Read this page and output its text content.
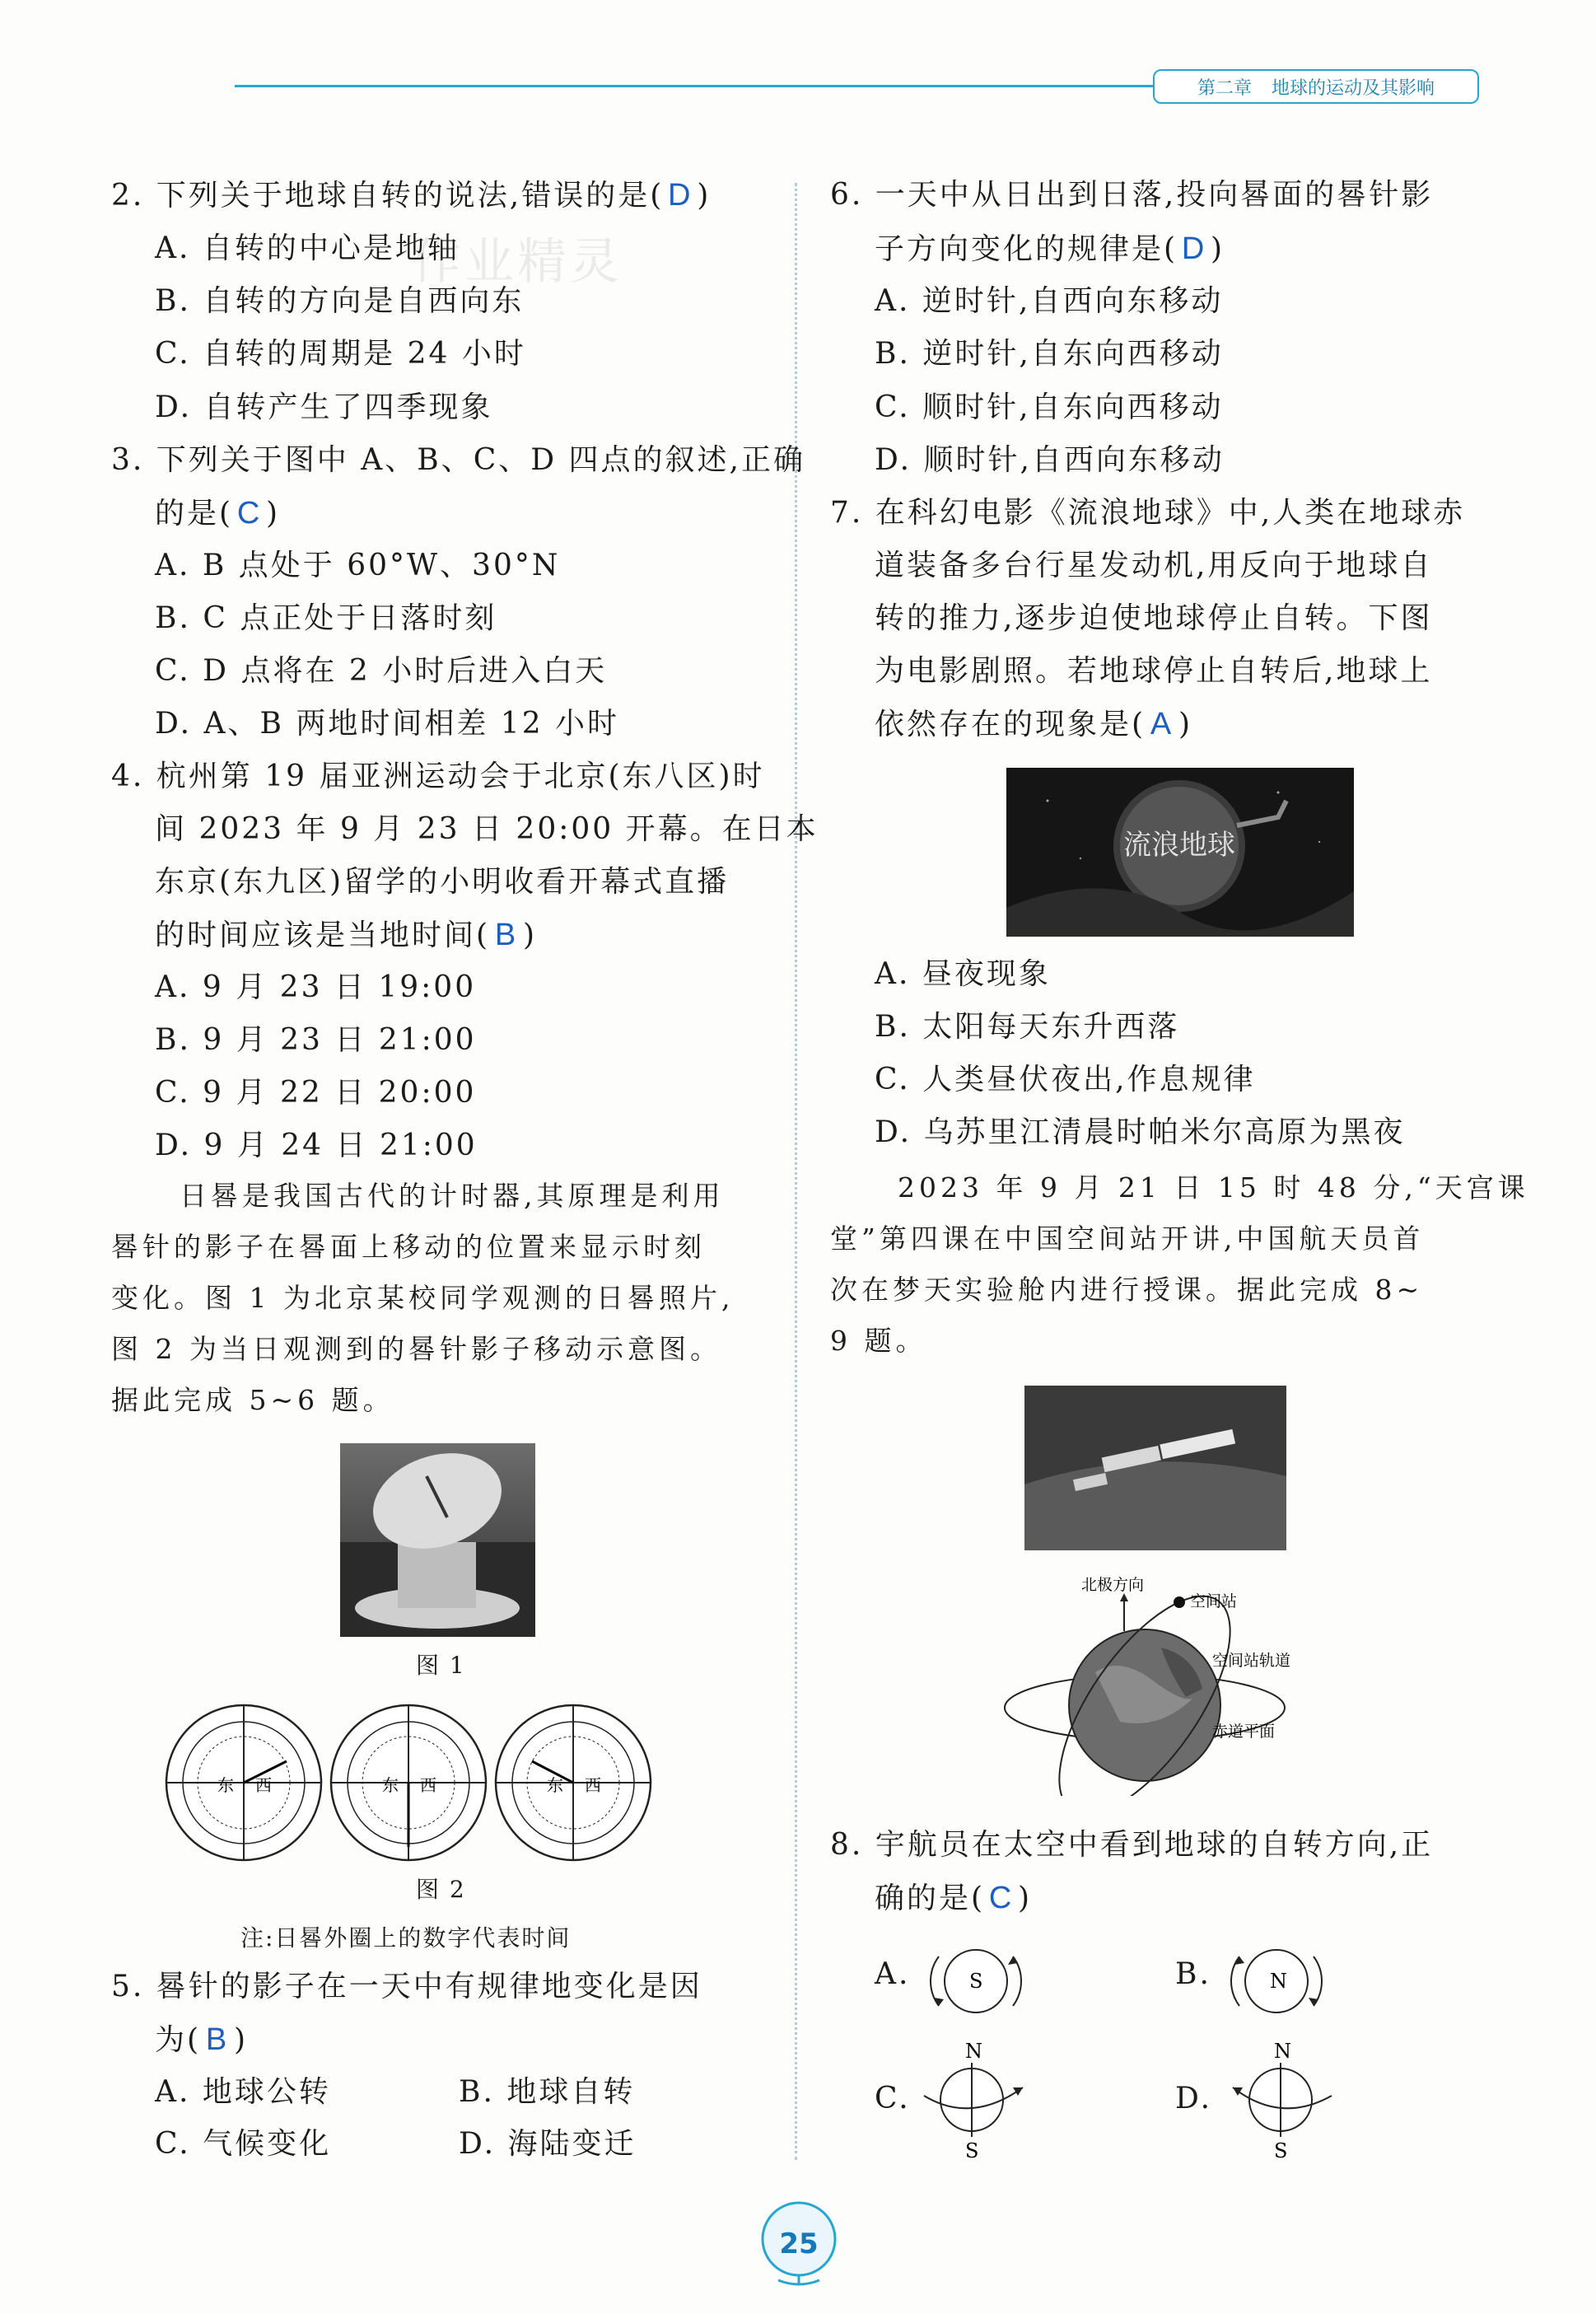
第二章 地球的运动及其影响
作业精灵
2. 下列关于地球自转的说法,错误的是( D )
A. 自转的中心是地轴
B. 自转的方向是自西向东
C. 自转的周期是 24 小时
D. 自转产生了四季现象
3. 下列关于图中 A、B、C、D 四点的叙述,正确
的是( C )
A. B 点处于 60°W、30°N
B. C 点正处于日落时刻
C. D 点将在 2 小时后进入白天
D. A、B 两地时间相差 12 小时
4. 杭州第 19 届亚洲运动会于北京(东八区)时
间 2023 年 9 月 23 日 20:00 开幕。在日本
东京(东九区)留学的小明收看开幕式直播
的时间应该是当地时间( B )
A. 9 月 23 日 19:00
B. 9 月 23 日 21:00
C. 9 月 22 日 20:00
D. 9 月 24 日 21:00
日晷是我国古代的计时器,其原理是利用
晷针的影子在晷面上移动的位置来显示时刻
变化。图 1 为北京某校同学观测的日晷照片,
图 2 为当日观测到的晷针影子移动示意图。
据此完成 5~6 题。
图 1
东 西	东 西	东 西
图 2
注:日晷外圈上的数字代表时间
5. 晷针的影子在一天中有规律地变化是因
为( B )
A. 地球公转	B. 地球自转
C. 气候变化	D. 海陆变迁
6. 一天中从日出到日落,投向晷面的晷针影
子方向变化的规律是( D )
A. 逆时针,自西向东移动
B. 逆时针,自东向西移动
C. 顺时针,自东向西移动
D. 顺时针,自西向东移动
7. 在科幻电影《流浪地球》中,人类在地球赤
道装备多台行星发动机,用反向于地球自
转的推力,逐步迫使地球停止自转。下图
为电影剧照。若地球停止自转后,地球上
依然存在的现象是( A )
流浪地球
A. 昼夜现象
B. 太阳每天东升西落
C. 人类昼伏夜出,作息规律
D. 乌苏里江清晨时帕米尔高原为黑夜
2023 年 9 月 21 日 15 时 48 分,“天宫课
堂”第四课在中国空间站开讲,中国航天员首
次在梦天实验舱内进行授课。据此完成 8~
9 题。
北极方向
空间站
空间站轨道
赤道平面
8. 宇航员在太空中看到地球的自转方向,正
确的是( C )
A.	S	B.	N
C.
N
S
D.
N
S
25
